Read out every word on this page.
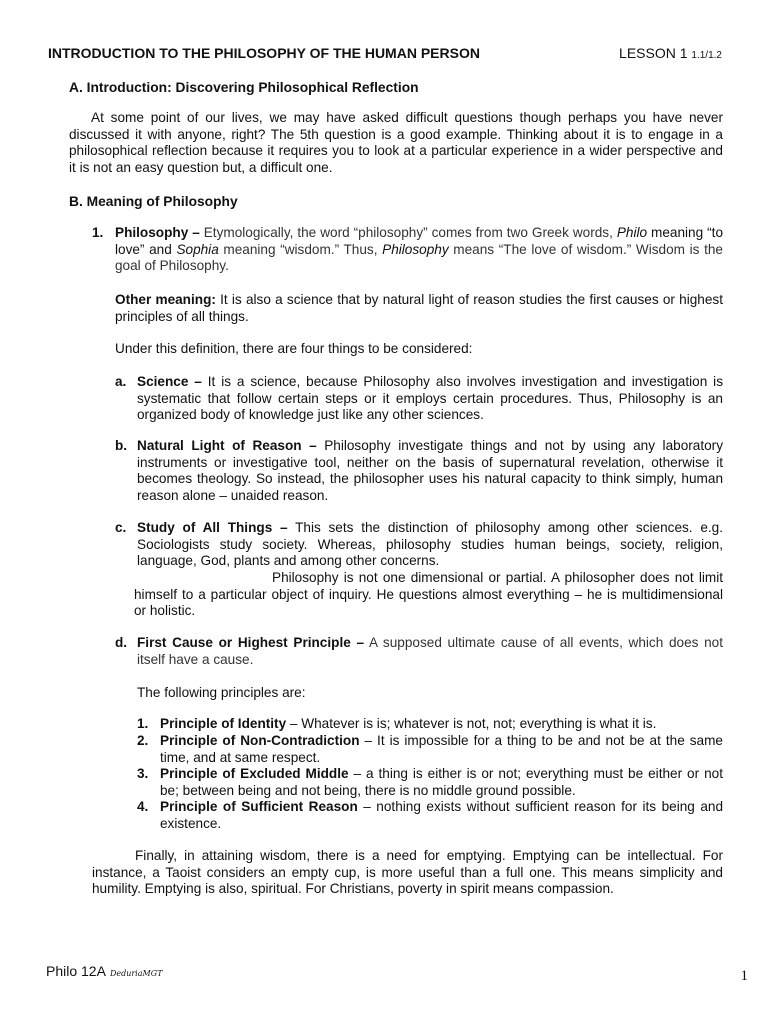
INTRODUCTION TO THE PHILOSOPHY OF THE HUMAN PERSON	LESSON 1 1.1/1.2
A. Introduction: Discovering Philosophical Reflection
At some point of our lives, we may have asked difficult questions though perhaps you have never discussed it with anyone, right? The 5th question is a good example. Thinking about it is to engage in a philosophical reflection because it requires you to look at a particular experience in a wider perspective and it is not an easy question but, a difficult one.
B. Meaning of Philosophy
1. Philosophy – Etymologically, the word “philosophy” comes from two Greek words, Philo meaning “to love” and Sophia meaning “wisdom.” Thus, Philosophy means “The love of wisdom.” Wisdom is the goal of Philosophy.
Other meaning: It is also a science that by natural light of reason studies the first causes or highest principles of all things.
Under this definition, there are four things to be considered:
a. Science – It is a science, because Philosophy also involves investigation and investigation is systematic that follow certain steps or it employs certain procedures. Thus, Philosophy is an organized body of knowledge just like any other sciences.
b. Natural Light of Reason – Philosophy investigate things and not by using any laboratory instruments or investigative tool, neither on the basis of supernatural revelation, otherwise it becomes theology. So instead, the philosopher uses his natural capacity to think simply, human reason alone – unaided reason.
c. Study of All Things – This sets the distinction of philosophy among other sciences. e.g. Sociologists study society. Whereas, philosophy studies human beings, society, religion, language, God, plants and among other concerns.
Philosophy is not one dimensional or partial. A philosopher does not limit himself to a particular object of inquiry. He questions almost everything – he is multidimensional or holistic.
d. First Cause or Highest Principle – A supposed ultimate cause of all events, which does not itself have a cause.
The following principles are:
1. Principle of Identity – Whatever is is; whatever is not, not; everything is what it is.
2. Principle of Non-Contradiction – It is impossible for a thing to be and not be at the same time, and at same respect.
3. Principle of Excluded Middle – a thing is either is or not; everything must be either or not be; between being and not being, there is no middle ground possible.
4. Principle of Sufficient Reason – nothing exists without sufficient reason for its being and existence.
Finally, in attaining wisdom, there is a need for emptying. Emptying can be intellectual. For instance, a Taoist considers an empty cup, is more useful than a full one. This means simplicity and humility. Emptying is also, spiritual. For Christians, poverty in spirit means compassion.
Philo 12A DeduriaMGT	1
